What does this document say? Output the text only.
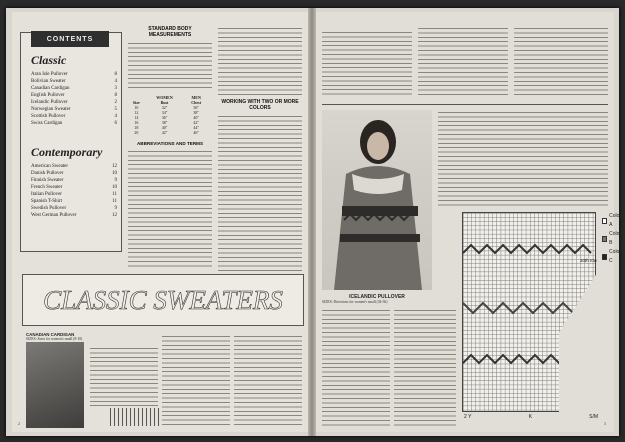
CONTENTS
Classic
Aran Isle Pullover	8
Bolivian Sweater	4
Canadian Cardigan	3
English Pullover	8
Icelandic Pullover	2
Norwegian Sweater	5
Scottish Pullover	4
Swiss Cardigan	6
Contemporary
American Sweater	12
Danish Pullover	10
Finnish Sweater	9
French Sweater	10
Italian Pullover	11
Spanish T-Shirt	11
Swedish Pullover	9
West German Pullover	12
STANDARD BODY MEASUREMENTS
	WOMEN	MEN
Size	Bust	Chest
10	32"	36"
12	34"	38"
14	36"	40"
16	38"	42"
18	40"	44"
20	42"	46"
ABBREVIATIONS AND TERMS
WORKING WITH TWO OR MORE COLORS
CLASSIC SWEATERS
CANADIAN CARDIGAN
SIZES: Sizes for women's small (8-10)
2
ICELANDIC PULLOVER
SIZES: Directions for women's small (34-36)
Color A
Color B
Color C
30th row
2 Y	K	S/M
3
